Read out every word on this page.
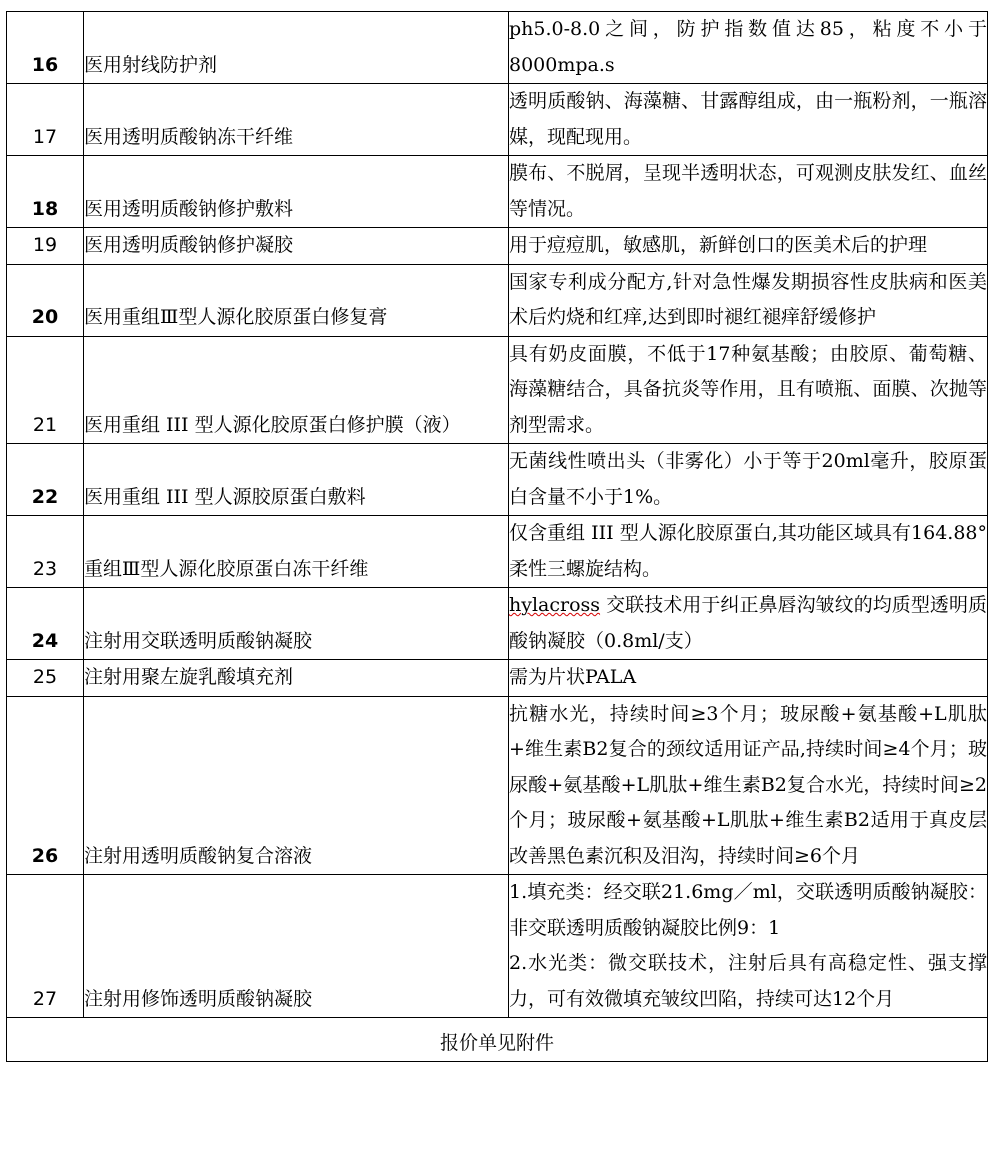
16	医用射线防护剂	ph5.0-8.0之间，防护指数值达85，粘度不小于8000mpa.s

17	医用透明质酸钠冻干纤维	透明质酸钠、海藻糖、甘露醇组成，由一瓶粉剂，一瓶溶媒，现配现用。

18	医用透明质酸钠修护敷料	膜布、不脱屑，呈现半透明状态，可观测皮肤发红、血丝等情况。

19	医用透明质酸钠修护凝胶	用于痘痘肌，敏感肌，新鲜创口的医美术后的护理

20	医用重组Ⅲ型人源化胶原蛋白修复膏	国家专利成分配方,针对急性爆发期损容性皮肤病和医美术后灼烧和红痒,达到即时褪红褪痒舒缓修护

21	医用重组 III 型人源化胶原蛋白修护膜（液）	具有奶皮面膜，不低于17种氨基酸；由胶原、葡萄糖、海藻糖结合，具备抗炎等作用，且有喷瓶、面膜、次抛等剂型需求。

22	医用重组 III 型人源胶原蛋白敷料	无菌线性喷出头（非雾化）小于等于20ml毫升，胶原蛋白含量不小于1%。

23	重组Ⅲ型人源化胶原蛋白冻干纤维	仅含重组 III 型人源化胶原蛋白,其功能区域具有164.88°柔性三螺旋结构。

24	注射用交联透明质酸钠凝胶	hylacross 交联技术用于纠正鼻唇沟皱纹的均质型透明质酸钠凝胶（0.8ml/支）

25	注射用聚左旋乳酸填充剂	需为片状PALA

26	注射用透明质酸钠复合溶液	抗糖水光，持续时间≥3个月；玻尿酸+氨基酸+L肌肽+维生素B2复合的颈纹适用证产品,持续时间≥4个月；玻尿酸+氨基酸+L肌肽+维生素B2复合水光，持续时间≥2个月；玻尿酸+氨基酸+L肌肽+维生素B2适用于真皮层改善黑色素沉积及泪沟，持续时间≥6个月

27	注射用修饰透明质酸钠凝胶	1.填充类：经交联21.6mg／ml，交联透明质酸钠凝胶：非交联透明质酸钠凝胶比例9：1
2.水光类：微交联技术，注射后具有高稳定性、强支撑力，可有效微填充皱纹凹陷，持续可达12个月

报价单见附件		
